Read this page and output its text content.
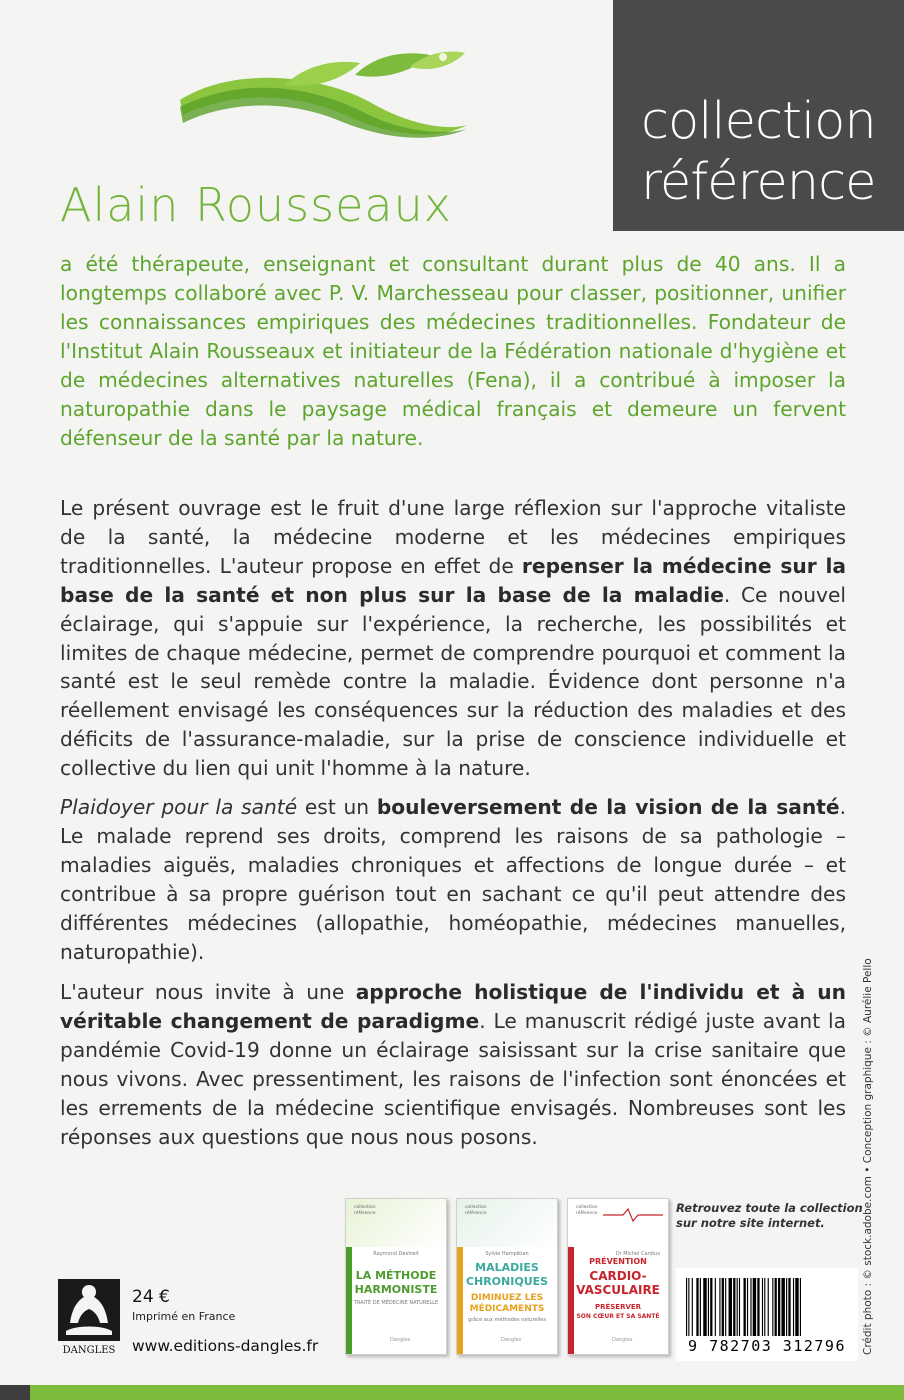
collection
référence
Alain Rousseaux
a été thérapeute, enseignant et consultant durant plus de 40 ans. Il a longtemps collaboré avec P. V. Marchesseau pour classer, positionner, unifier les connaissances empiriques des médecines traditionnelles. Fondateur de l'Institut Alain Rousseaux et initiateur de la Fédération nationale d'hygiène et de médecines alternatives naturelles (Fena), il a contribué à imposer la naturopathie dans le paysage médical français et demeure un fervent défenseur de la santé par la nature.
Le présent ouvrage est le fruit d'une large réflexion sur l'approche vitaliste de la santé, la médecine moderne et les médecines empiriques traditionnelles. L'auteur propose en effet de repenser la médecine sur la base de la santé et non plus sur la base de la maladie. Ce nouvel éclairage, qui s'appuie sur l'expérience, la recherche, les possibilités et limites de chaque médecine, permet de comprendre pourquoi et comment la santé est le seul remède contre la maladie. Évidence dont personne n'a réellement envisagé les conséquences sur la réduction des maladies et des déficits de l'assurance-maladie, sur la prise de conscience individuelle et collective du lien qui unit l'homme à la nature.
Plaidoyer pour la santé est un bouleversement de la vision de la santé. Le malade reprend ses droits, comprend les raisons de sa pathologie – maladies aiguës, maladies chroniques et affections de longue durée – et contribue à sa propre guérison tout en sachant ce qu'il peut attendre des différentes médecines (allopathie, homéopathie, médecines manuelles, naturopathie).
L'auteur nous invite à une approche holistique de l'individu et à un véritable changement de paradigme. Le manuscrit rédigé juste avant la pandémie Covid-19 donne un éclairage saisissant sur la crise sanitaire que nous vivons. Avec pressentiment, les raisons de l'infection sont énoncées et les errements de la médecine scientifique envisagés. Nombreuses sont les réponses aux questions que nous nous posons.	Crédit photo : © stock.adobe.com • Conception graphique : © Aurélie Pello
collection référence
Raymond Dextreit
LA MÉTHODE
HARMONISTE
TRAITÉ DE MÉDECINE NATURELLE
Dangles
collection référence
Sylvie Hampikian
MALADIES
CHRONIQUES
DIMINUEZ LES
MÉDICAMENTS
grâce aux méthodes naturelles
Dangles
collection référence
Dr Michel Cardiux
PRÉVENTION
CARDIO-
VASCULAIRE
PRÉSERVER
SON CŒUR ET SA SANTÉ
Dangles
Retrouvez toute la collection sur notre site internet.
9 782703 312796
DANGLES
24 €
Imprimé en France
www.editions-dangles.fr
